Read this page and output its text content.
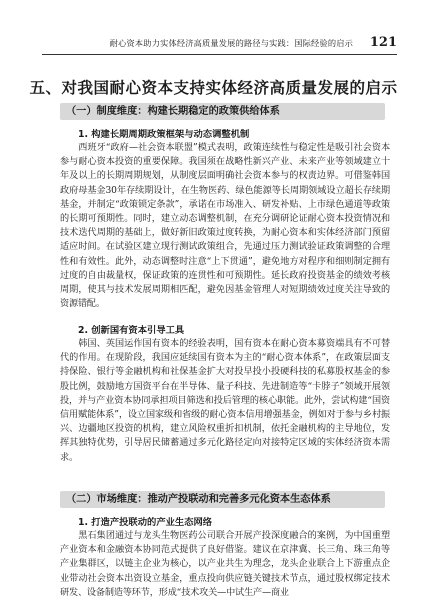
耐心资本助力实体经济高质量发展的路径与实践：国际经验的启示 121
五、对我国耐心资本支持实体经济高质量发展的启示
（一）制度维度：构建长期稳定的政策供给体系
1. 构建长期周期政策框架与动态调整机制

西班牙“政府—社会资本联盟”模式表明，政策连续性与稳定性是吸引社会资本参与耐心资本投资的重要保障。我国须在战略性新兴产业、未来产业等领域建立十年及以上的长期周期规划，从制度层面明确社会资本参与的权责边界。可借鉴韩国政府母基金30年存续期设计，在生物医药、绿色能源等长周期领域设立超长存续期基金，并制定“政策锁定条款”，承诺在市场准入、研发补贴、上市绿色通道等政策的长期可预期性。同时，建立动态调整机制，在充分调研论证耐心资本投资情况和技术迭代周期的基础上，做好新旧政策过度转换，为耐心资本和实体经济部门预留适应时间。在试验区建立现行测试政策组合，先通过压力测试验证政策调整的合理性和有效性。此外，动态调整时注意“上下贯通”，避免地方对程序和细则制定拥有过度的自由裁量权，保证政策的连贯性和可预期性。延长政府投资基金的绩效考核周期，使其与技术发展周期相匹配，避免因基金管理人对短期绩效过度关注导致的资源错配。

2. 创新国有资本引导工具

韩国、英国运作国有资本的经验表明，国有资本在耐心资本募资端具有不可替代的作用。在现阶段，我国应延续国有资本为主的“耐心资本体系”，在政策层面支持保险、银行等金融机构和社保基金扩大对投早投小投硬科技的私募股权基金的参股比例，鼓励地方国资平台在半导体、量子科技、先进制造等“卡脖子”领域开展领投，并与产业资本协同承担项目筛选和投后管理的核心职能。此外，尝试构建“国资信用赋能体系”，设立国家级和省级的耐心资本信用增强基金，例如对于参与乡村振兴、边疆地区投资的机构，建立风险权重折扣机制，依托金融机构的主导地位，发挥其独特优势，引导居民储蓄通过多元化路径定向对接特定区域的实体经济资本需求。

（二）市场维度：推动产投联动和完善多元化资本生态体系
1. 打造产投联动的产业生态网络

黑石集团通过与龙头生物医药公司联合开展产投深度融合的案例，为中国重塑产业资本和金融资本协同范式提供了良好借鉴。建议在京津冀、长三角、珠三角等产业集群区，以链主企业为核心，以产业共生为理念，龙头企业联合上下游重点企业带动社会资本出资设立基金，重点投向供应链关键技术节点，通过股权绑定技术研发、设备制造等环节，形成“技术攻关—中试生产—商业
